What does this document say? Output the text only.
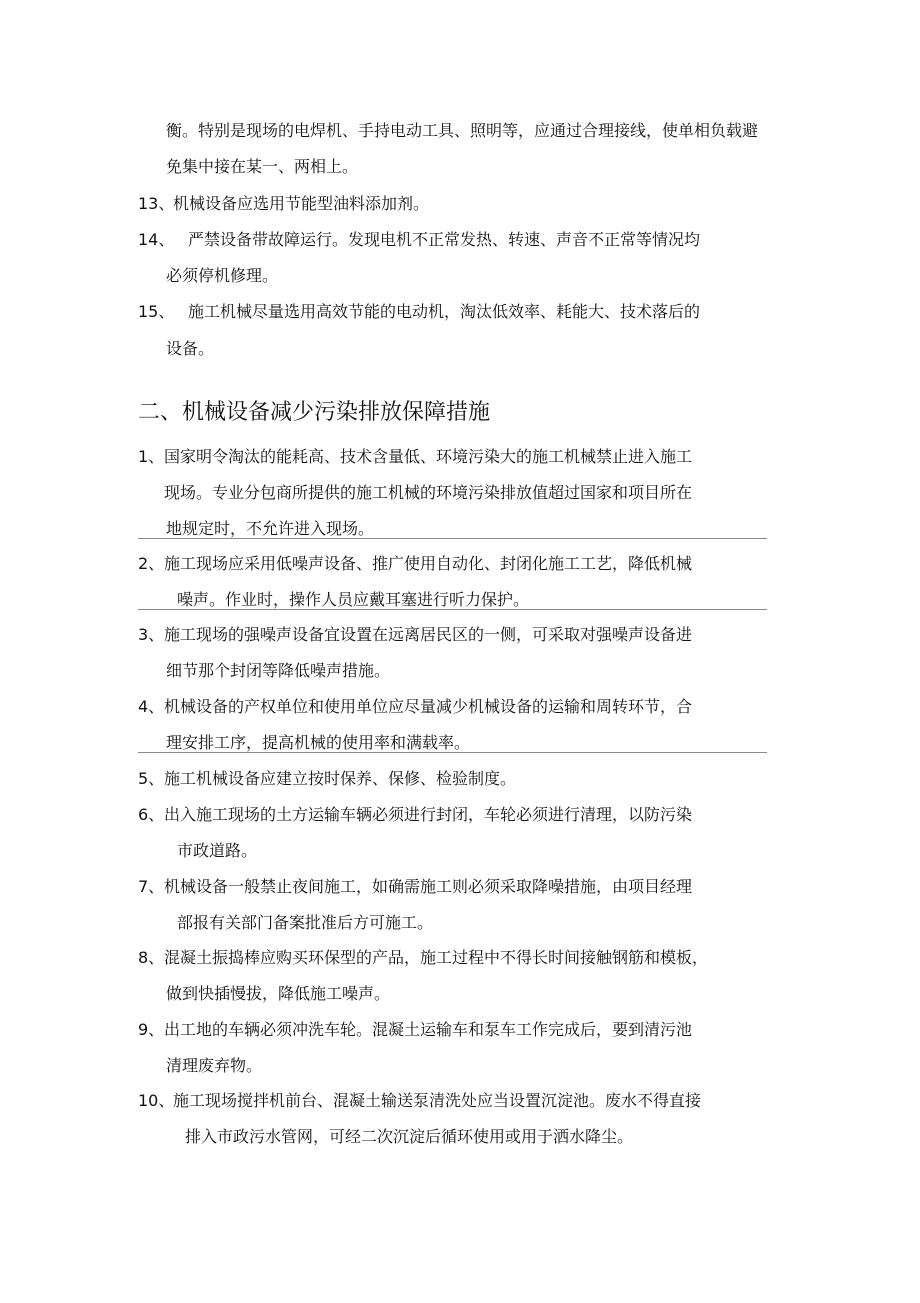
衡。特别是现场的电焊机、手持电动工具、照明等，应通过合理接线，使单相负载避
免集中接在某一、两相上。
13、
机械设备应选用节能型油料添加剂。
14、 严禁设备带故障运行。发现电机不正常发热、转速、声音不正常等情况均
必须停机修理。
15、 施工机械尽量选用高效节能的电动机，淘汰低效率、耗能大、技术落后的
设备。
二、机械设备减少污染排放保障措施
1、 国家明令淘汰的能耗高、技术含量低、环境污染大的施工机械禁止进入施工
现场。专业分包商所提供的施工机械的环境污染排放值超过国家和项目所在
地规定时，不允许进入现场。
2、 施工现场应采用低噪声设备、推广使用自动化、封闭化施工工艺，降低机械
噪声。作业时，操作人员应戴耳塞进行听力保护。
3、 施工现场的强噪声设备宜设置在远离居民区的一侧，可采取对强噪声设备进
细节那个封闭等降低噪声措施。
4、 机械设备的产权单位和使用单位应尽量减少机械设备的运输和周转环节，合
理安排工序，提高机械的使用率和满载率。
5、 施工机械设备应建立按时保养、保修、检验制度。
6、 出入施工现场的土方运输车辆必须进行封闭，车轮必须进行清理，以防污染
市政道路。
7、 机械设备一般禁止夜间施工，如确需施工则必须采取降噪措施，由项目经理
部报有关部门备案批准后方可施工。
8、 混凝土振捣棒应购买环保型的产品，施工过程中不得长时间接触钢筋和模板，
做到快插慢拔，降低施工噪声。
9、 出工地的车辆必须冲洗车轮。混凝土运输车和泵车工作完成后，要到清污池
清理废弃物。
10、
施工现场搅拌机前台、混凝土输送泵清洗处应当设置沉淀池。废水不得直接
排入市政污水管网，可经二次沉淀后循环使用或用于洒水降尘。
